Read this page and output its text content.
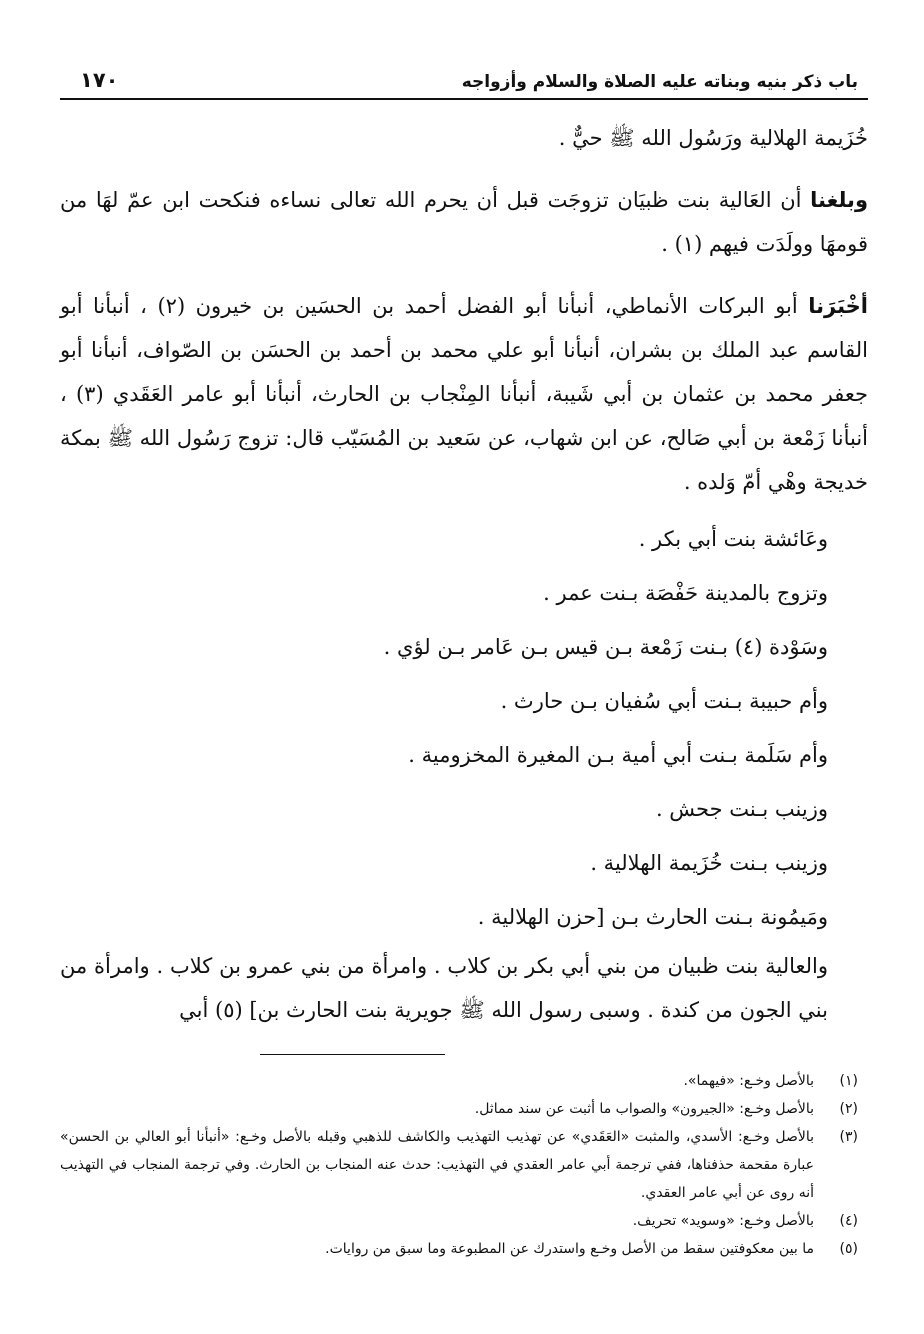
باب ذكر بنيه وبناته عليه الصلاة والسلام وأزواجه
١٧٠

خُزَيمة الهلالية ورَسُول الله ﷺ حيٌّ .

وبلغنا أن العَالية بنت ظبيَان تزوجَت قبل أن يحرم الله تعالى نساءه فنكحت ابن عمّ لهَا من قومهَا وولَدَت فيهم (١) .

أخْبَرَنا أبو البركات الأنماطي، أنبأنا أبو الفضل أحمد بن الحسَين بن خيرون (٢) ، أنبأنا أبو القاسم عبد الملك بن بشران، أنبأنا أبو علي محمد بن أحمد بن الحسَن بن الصّواف، أنبأنا أبو جعفر محمد بن عثمان بن أبي شَيبة، أنبأنا المِنْجاب بن الحارث، أنبأنا أبو عامر العَقَدي (٣) ، أنبأنا زَمْعة بن أبي صَالح، عن ابن شهاب، عن سَعيد بن المُسَيّب قال: تزوج رَسُول الله ﷺ بمكة خديجة وهْي أمّ وَلده .

وعَائشة بنت أبي بكر .

وتزوج بالمدينة حَفْصَة بـنت عمر .

وسَوْدة (٤) بـنت زَمْعة بـن قيس بـن عَامر بـن لؤي .

وأم حبيبة بـنت أبي سُفيان بـن حارث .

وأم سَلَمة بـنت أبي أمية بـن المغيرة المخزومية .

وزينب بـنت جحش .

وزينب بـنت خُزَيمة الهلالية .

ومَيمُونة بـنت الحارث بـن [حزن الهلالية .

والعالية بنت ظبيان من بني أبي بكر بن كلاب . وامرأة من بني عمرو بن كلاب . وامرأة من بني الجون من كندة . وسبى رسول الله ﷺ جويرية بنت الحارث بن] (٥) أبي

(١)
بالأصل وخـع: «فيهما».
(٢)
بالأصل وخـع: «الجيرون» والصواب ما أثبت عن سند مماثل.
(٣)
بالأصل وخـع: الأسدي، والمثبت «العَقَدي» عن تهذيب التهذيب والكاشف للذهبي وقبله بالأصل وخـع: «أنبأنا أبو العالي بن الحسن» عبارة مقحمة حذفناها، ففي ترجمة أبي عامر العقدي في التهذيب: حدث عنه المنجاب بن الحارث. وفي ترجمة المنجاب في التهذيب أنه روى عن أبي عامر العقدي.
(٤)
بالأصل وخـع: «وسويد» تحريف.
(٥)
ما بين معكوفتين سقط من الأصل وخـع واستدرك عن المطبوعة وما سبق من روايات.
